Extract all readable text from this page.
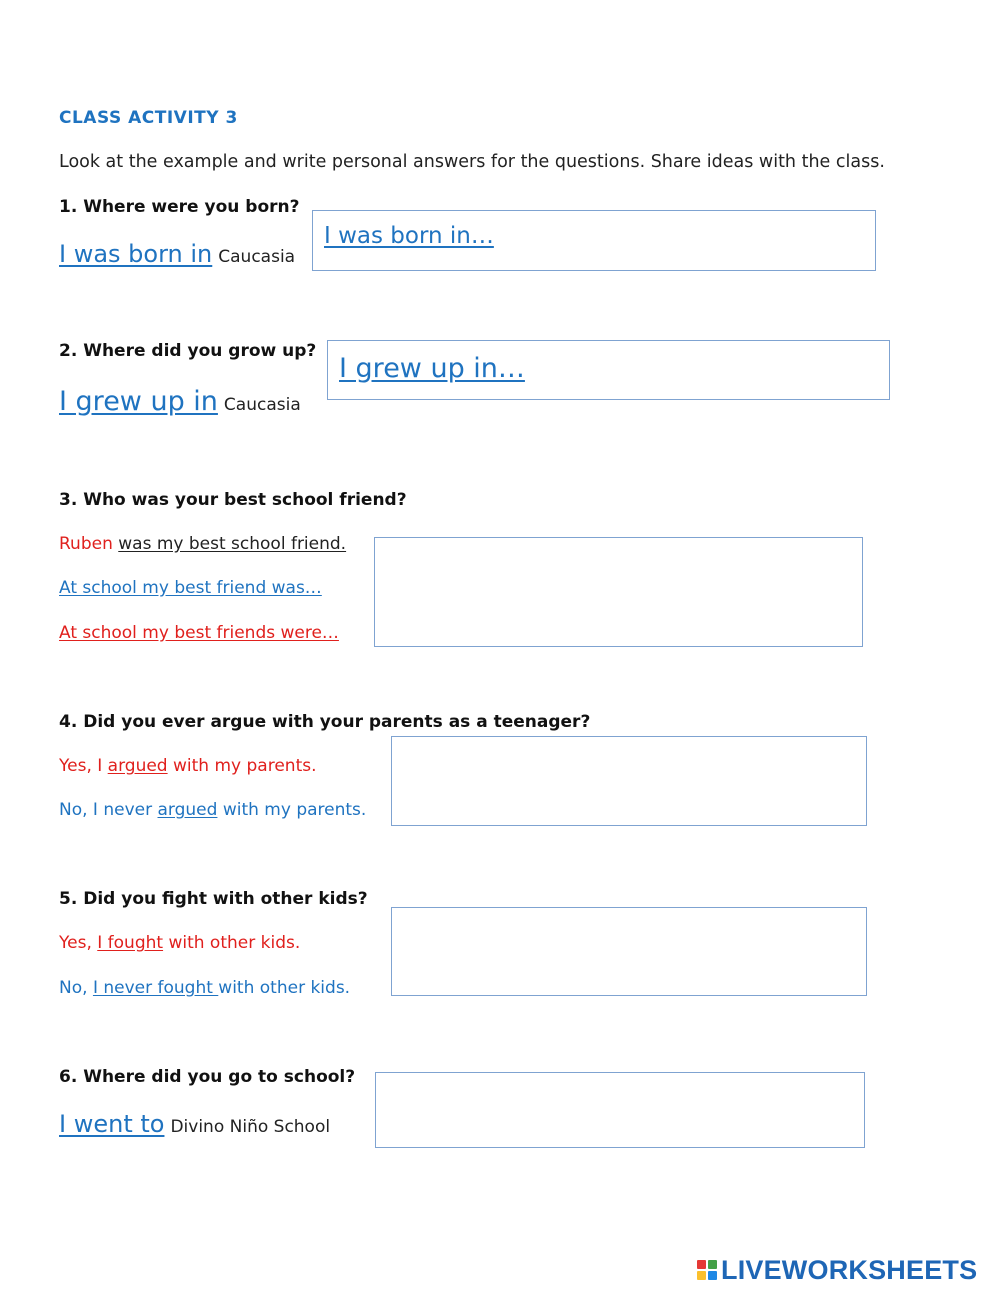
CLASS ACTIVITY 3
Look at the example and write personal answers for the questions. Share ideas with the class.
1. Where were you born?
I was born in Caucasia
I was born in…
2. Where did you grow up?
I grew up in Caucasia
I grew up in…
3. Who was your best school friend?
Ruben was my best school friend.
At school my best friend was…
At school my best friends were…
4. Did you ever argue with your parents as a teenager?
Yes, I argued with my parents.
No, I never argued with my parents.
5. Did you fight with other kids?
Yes, I fought with other kids.
No, I never fought with other kids.
6. Where did you go to school?
I went to Divino Niño School
LIVEWORKSHEETS
